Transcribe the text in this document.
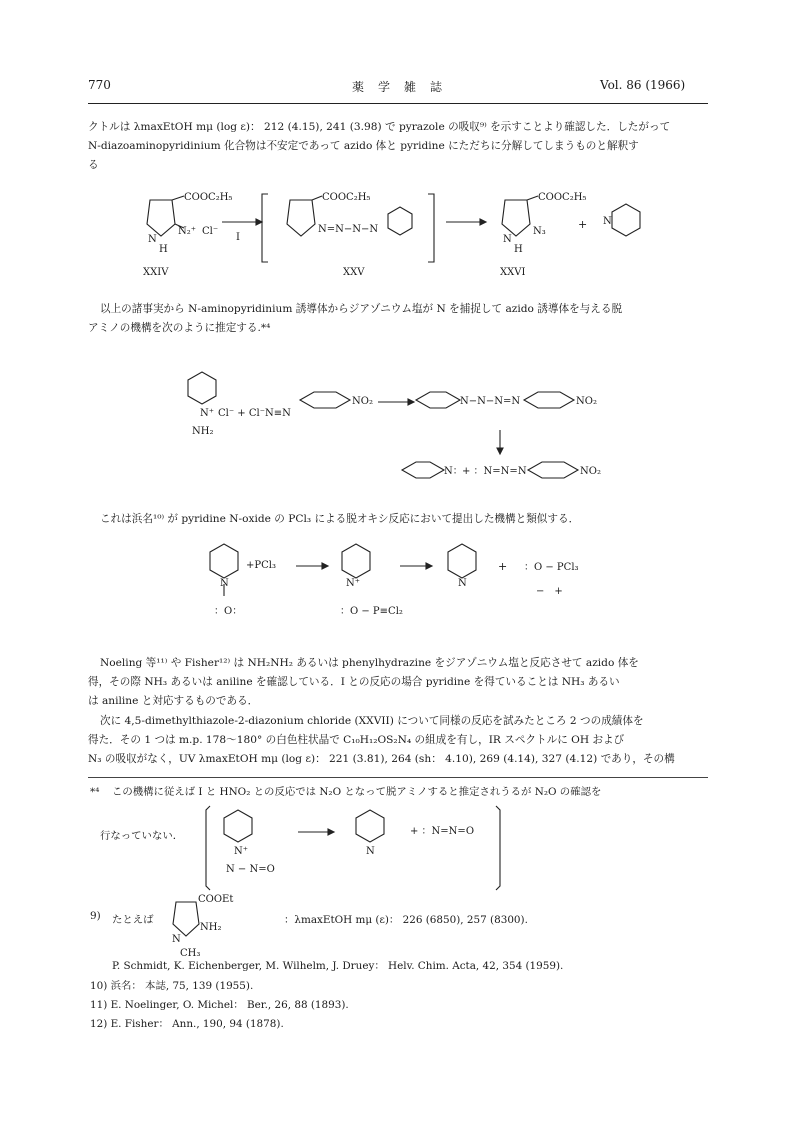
770	薬　学　雑　誌	Vol. 86 (1966)
クトルは λmaxEtOH mμ (log ε)： 212 (4.15), 241 (3.98) で pyrazole の吸収⁹⁾ を示すことより確認した．したがって
N-diazoaminopyridinium 化合物は不安定であって azido 体と pyridine にただちに分解してしまうものと解釈す
る
COOC₂H₅
N
H
N₂⁺ Cl⁻
I
COOC₂H₅
N=N−N−N
COOC₂H₅
N₃
N
H
+ N
XXIV	XXV	XXVI
以上の諸事実から N-aminopyridinium 誘導体からジアゾニウム塩が N を捕捉して azido 誘導体を与える脱
アミノの機構を次のように推定する.*⁴
N⁺ Cl⁻ + Cl⁻N≡N
NH₂
NO₂	N−N−N=N	NO₂
N： + ：N=N=N	NO₂
これは浜名¹⁰⁾ が pyridine N-oxide の PCl₃ による脱オキシ反応において提出した機構と類似する．
N
+PCl₃
：O：
N⁺
：O − P≡Cl₂
N
+ ：O − PCl₃
−　+
Noeling 等¹¹⁾ や Fisher¹²⁾ は NH₂NH₂ あるいは phenylhydrazine をジアゾニウム塩と反応させて azido 体を
得，その際 NH₃ あるいは aniline を確認している．I との反応の場合 pyridine を得ていることは NH₃ あるい
は aniline と対応するものである．
次に 4,5-dimethylthiazole-2-diazonium chloride (XXVII) について同様の反応を試みたところ 2 つの成績体を
得た．その 1 つは m.p. 178～180° の白色柱状晶で C₁₀H₁₂OS₂N₄ の組成を有し，IR スペクトルに OH および
N₃ の吸収がなく，UV λmaxEtOH mμ (log ε)： 221 (3.81), 264 (sh： 4.10), 269 (4.14), 327 (4.12) であり，その構
*⁴ この機構に従えば I と HNO₂ との反応では N₂O となって脱アミノすると推定されうるが N₂O の確認を
行なっていない．
N⁺
N − N=O
N
+ ：N=N=O
9) たとえば
COOEt
NH₂
N
CH₃
：λmaxEtOH mμ (ε)： 226 (6850), 257 (8300).
P. Schmidt, K. Eichenberger, M. Wilhelm, J. Druey： Helv. Chim. Acta, 42, 354 (1959).
10) 浜名： 本誌, 75, 139 (1955).
11) E. Noelinger, O. Michel： Ber., 26, 88 (1893).
12) E. Fisher： Ann., 190, 94 (1878).
